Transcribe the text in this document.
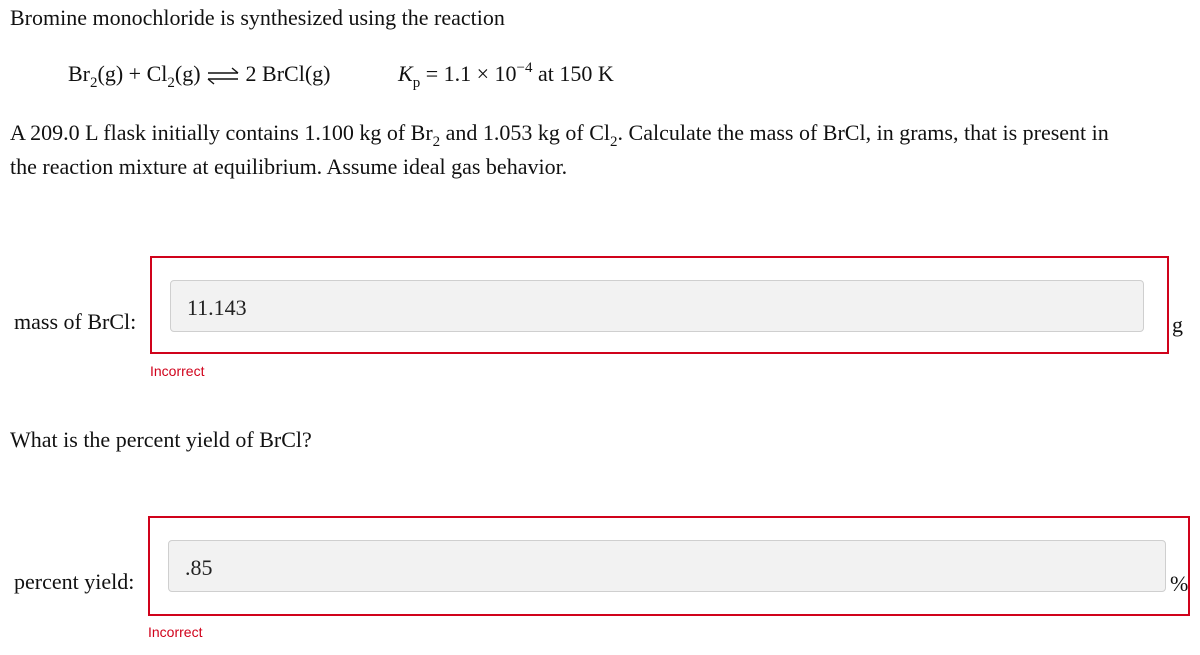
Bromine monochloride is synthesized using the reaction
$Br_2(g) + Cl_2(g)$ ⇌ 2 BrCl(g)	$K_p = 1.1 \times 10^{-4}$ at 150 K
A 209.0 L flask initially contains 1.100 kg of $Br_2$ and 1.053 kg of $Cl_2$. Calculate the mass of BrCl, in grams, that is present in
the reaction mixture at equilibrium. Assume ideal gas behavior.
mass of BrCl:
11.143
g
Incorrect
What is the percent yield of BrCl?
percent yield:
.85
%
Incorrect
